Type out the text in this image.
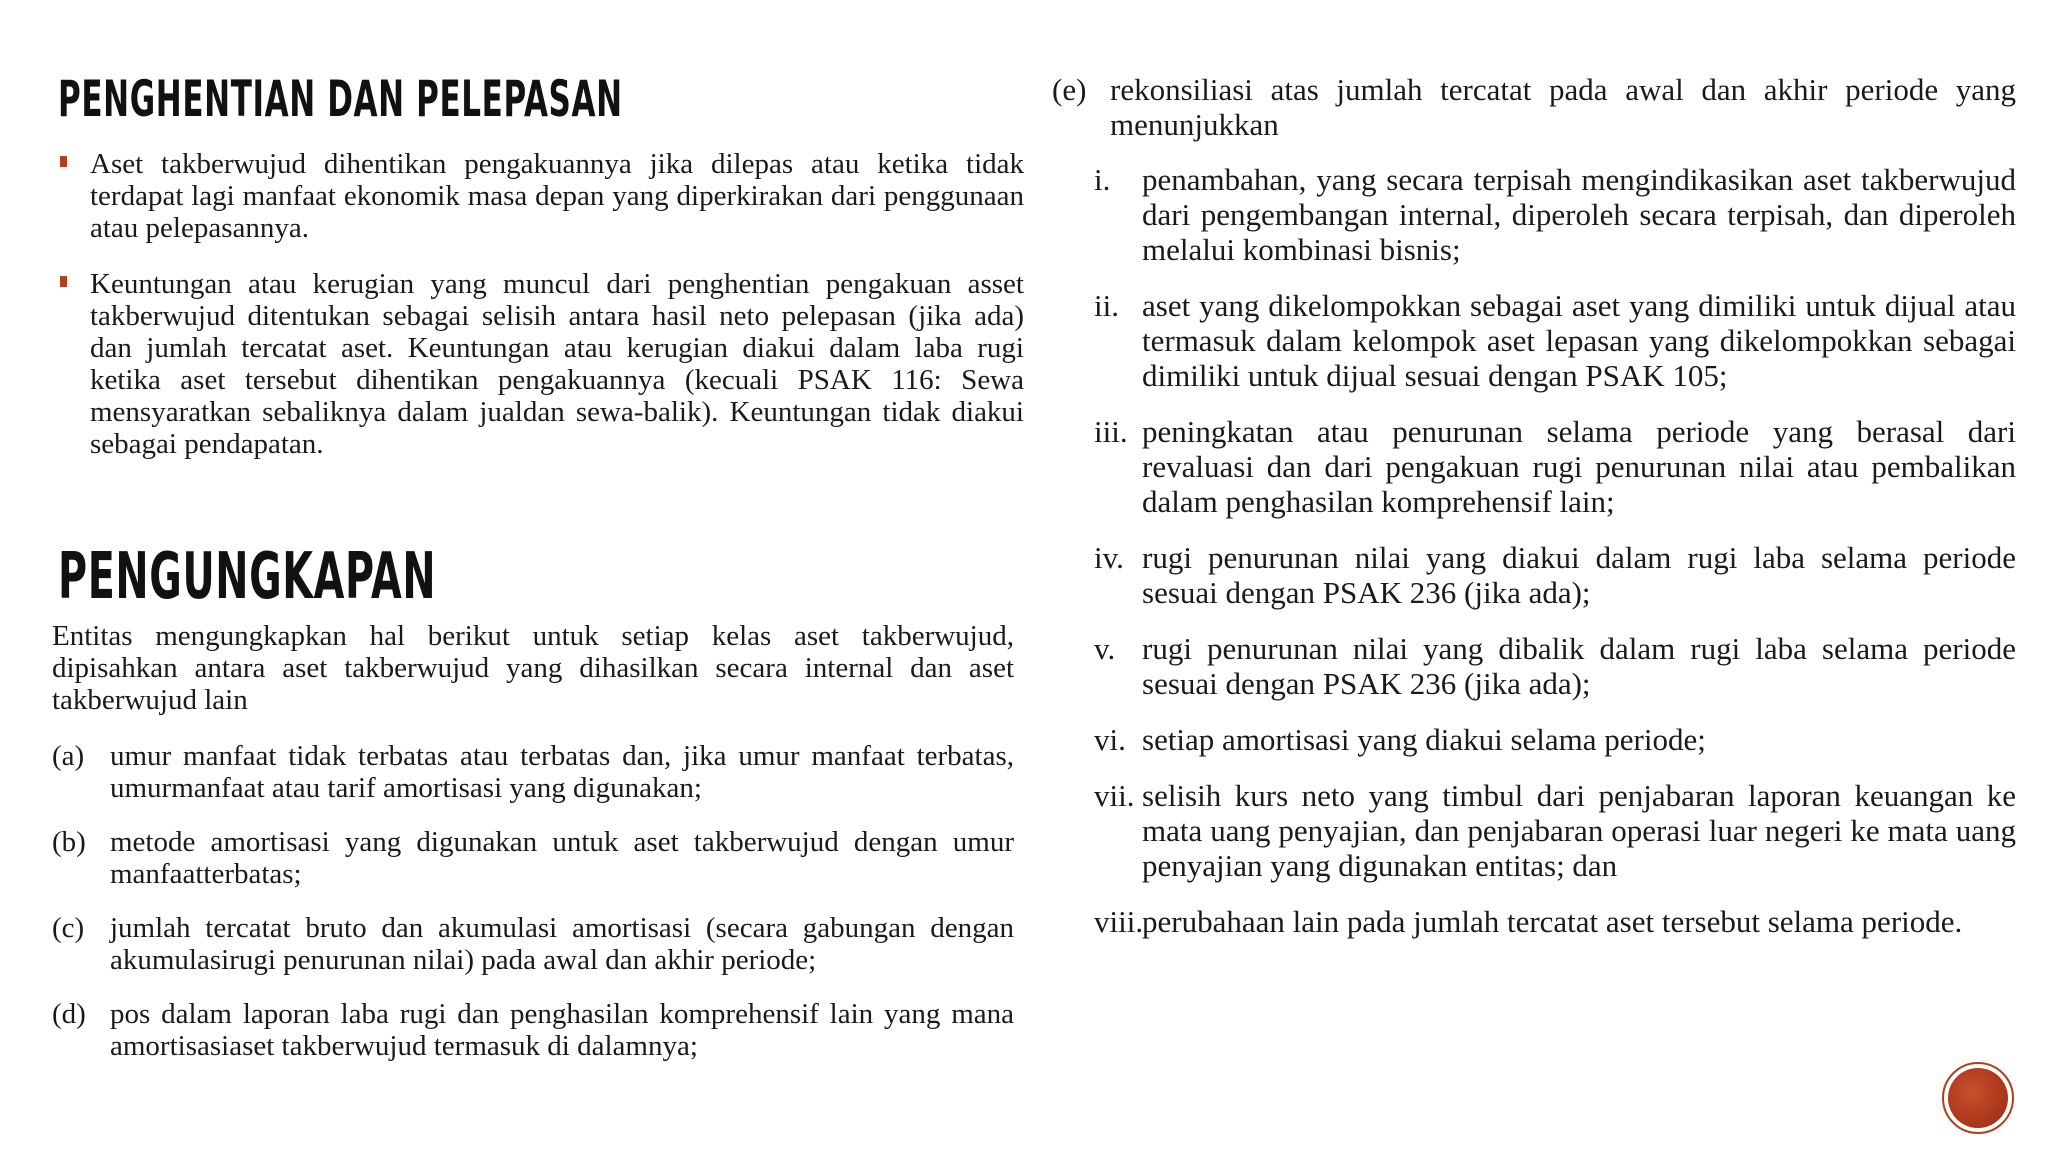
PENGHENTIAN DAN PELEPASAN
Aset takberwujud dihentikan pengakuannya jika dilepas atau ketika tidak terdapat lagi manfaat ekonomik masa depan yang diperkirakan dari penggunaan atau pelepasannya.
Keuntungan atau kerugian yang muncul dari penghentian pengakuan asset takberwujud ditentukan sebagai selisih antara hasil neto pelepasan (jika ada) dan jumlah tercatat aset. Keuntungan atau kerugian diakui dalam laba rugi ketika aset tersebut dihentikan pengakuannya (kecuali PSAK 116: Sewa mensyaratkan sebaliknya dalam jualdan sewa-balik). Keuntungan tidak diakui sebagai pendapatan.
PENGUNGKAPAN
Entitas mengungkapkan hal berikut untuk setiap kelas aset takberwujud, dipisahkan antara aset takberwujud yang dihasilkan secara internal dan aset takberwujud lain
(a) umur manfaat tidak terbatas atau terbatas dan, jika umur manfaat terbatas, umurmanfaat atau tarif amortisasi yang digunakan;
(b) metode amortisasi yang digunakan untuk aset takberwujud dengan umur manfaatterbatas;
(c) jumlah tercatat bruto dan akumulasi amortisasi (secara gabungan dengan akumulasirugi penurunan nilai) pada awal dan akhir periode;
(d) pos dalam laporan laba rugi dan penghasilan komprehensif lain yang mana amortisasiaset takberwujud termasuk di dalamnya;
(e) rekonsiliasi atas jumlah tercatat pada awal dan akhir periode yang menunjukkan
i. penambahan, yang secara terpisah mengindikasikan aset takberwujud dari pengembangan internal, diperoleh secara terpisah, dan diperoleh melalui kombinasi bisnis;
ii. aset yang dikelompokkan sebagai aset yang dimiliki untuk dijual atau termasuk dalam kelompok aset lepasan yang dikelompokkan sebagai dimiliki untuk dijual sesuai dengan PSAK 105;
iii. peningkatan atau penurunan selama periode yang berasal dari revaluasi dan dari pengakuan rugi penurunan nilai atau pembalikan dalam penghasilan komprehensif lain;
iv. rugi penurunan nilai yang diakui dalam rugi laba selama periode sesuai dengan PSAK 236 (jika ada);
v. rugi penurunan nilai yang dibalik dalam rugi laba selama periode sesuai dengan PSAK 236 (jika ada);
vi. setiap amortisasi yang diakui selama periode;
vii. selisih kurs neto yang timbul dari penjabaran laporan keuangan ke mata uang penyajian, dan penjabaran operasi luar negeri ke mata uang penyajian yang digunakan entitas; dan
viii.
perubahaan lain pada jumlah tercatat aset tersebut selama periode.
